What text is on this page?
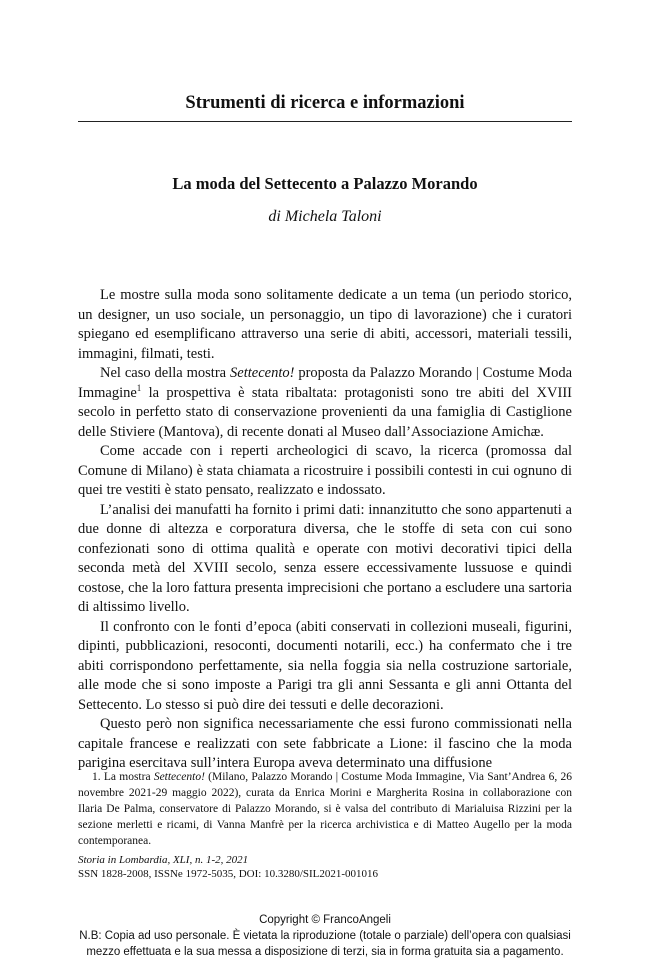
Strumenti di ricerca e informazioni
La moda del Settecento a Palazzo Morando
di Michela Taloni

Le mostre sulla moda sono solitamente dedicate a un tema (un periodo storico, un designer, un uso sociale, un personaggio, un tipo di lavorazione) che i curatori spiegano ed esemplificano attraverso una serie di abiti, accessori, materiali tessili, immagini, filmati, testi.

Nel caso della mostra Settecento! proposta da Palazzo Morando | Costume Moda Immagine$^1$ la prospettiva è stata ribaltata: protagonisti sono tre abiti del XVIII secolo in perfetto stato di conservazione provenienti da una famiglia di Castiglione delle Stiviere (Mantova), di recente donati al Museo dall’Associazione Amichæ.

Come accade con i reperti archeologici di scavo, la ricerca (promossa dal Comune di Milano) è stata chiamata a ricostruire i possibili contesti in cui ognuno di quei tre vestiti è stato pensato, realizzato e indossato.

L’analisi dei manufatti ha fornito i primi dati: innanzitutto che sono appartenuti a due donne di altezza e corporatura diversa, che le stoffe di seta con cui sono confezionati sono di ottima qualità e operate con motivi decorativi tipici della seconda metà del XVIII secolo, senza essere eccessivamente lussuose e quindi costose, che la loro fattura presenta imprecisioni che portano a escludere una sartoria di altissimo livello.

Il confronto con le fonti d’epoca (abiti conservati in collezioni museali, figurini, dipinti, pubblicazioni, resoconti, documenti notarili, ecc.) ha confermato che i tre abiti corrispondono perfettamente, sia nella foggia sia nella costruzione sartoriale, alle mode che si sono imposte a Parigi tra gli anni Sessanta e gli anni Ottanta del Settecento. Lo stesso si può dire dei tessuti e delle decorazioni.

Questo però non significa necessariamente che essi furono commissionati nella capitale francese e realizzati con sete fabbricate a Lione: il fascino che la moda parigina esercitava sull’intera Europa aveva determinato una diffusione

1. La mostra Settecento! (Milano, Palazzo Morando | Costume Moda Immagine, Via Sant’Andrea 6, 26 novembre 2021-29 maggio 2022), curata da Enrica Morini e Margherita Rosina in collaborazione con Ilaria De Palma, conservatore di Palazzo Morando, si è valsa del contributo di Marialuisa Rizzini per la sezione merletti e ricami, di Vanna Manfrè per la ricerca archivistica e di Matteo Augello per la moda contemporanea.

Storia in Lombardia, XLI, n. 1-2, 2021
SSN 1828-2008, ISSNe 1972-5035, DOI: 10.3280/SIL2021-001016
Copyright © FrancoAngeli
N.B: Copia ad uso personale. È vietata la riproduzione (totale o parziale) dell’opera con qualsiasi
mezzo effettuata e la sua messa a disposizione di terzi, sia in forma gratuita sia a pagamento.
